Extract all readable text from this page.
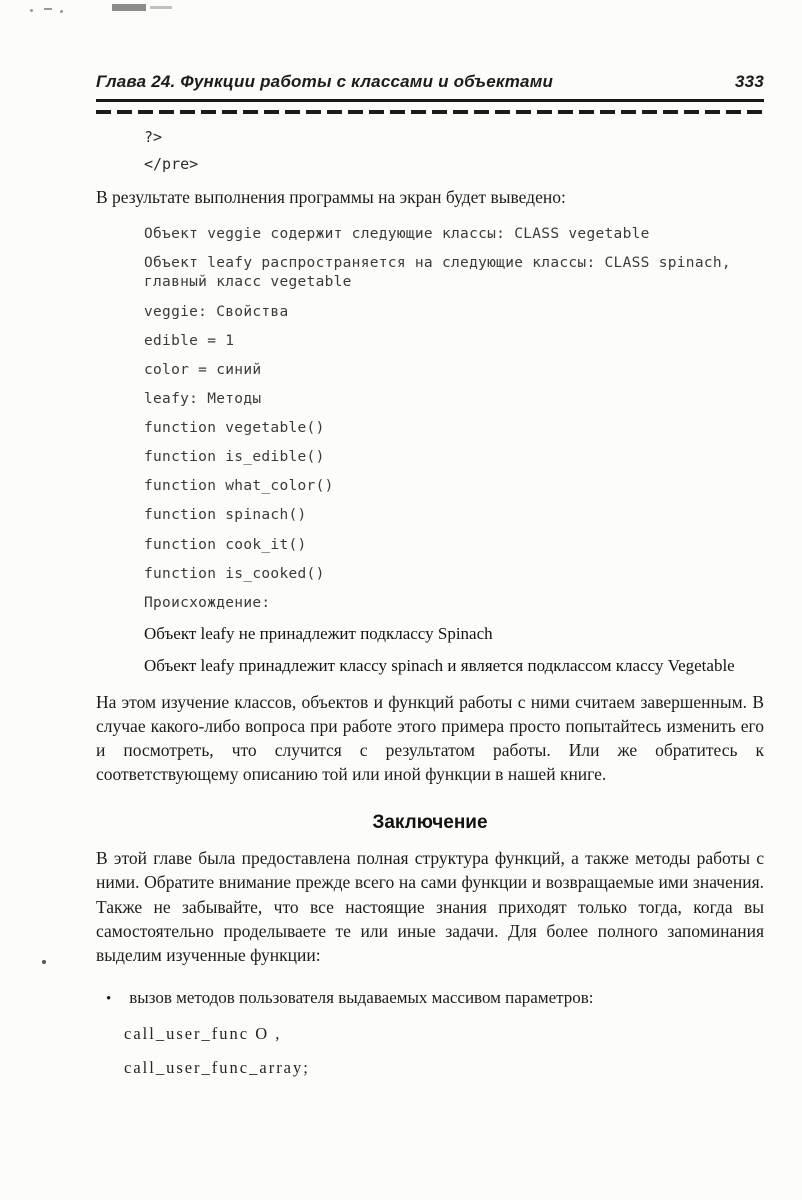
Глава 24. Функции работы с классами и объектами	333
?>
</pre>

В результате выполнения программы на экран будет выведено:

Объект veggie содержит следующие классы: CLASS vegetable
Объект leafy распространяется на следующие классы: CLASS spinach, главный класс vegetable
veggie: Свойства
edible = 1
color = синий
leafy: Методы
function vegetable()
function is_edible()
function what_color()
function spinach()
function cook_it()
function is_cooked()
Происхождение:
Объект leafy не принадлежит подклассу Spinach
Объект leafy принадлежит классу spinach и является подклассом классу Vegetable

На этом изучение классов, объектов и функций работы с ними считаем завершенным. В случае какого-либо вопроса при работе этого примера просто попытайтесь изменить его и посмотреть, что случится с результатом работы. Или же обратитесь к соответствующему описанию той или иной функции в нашей книге.

Заключение

В этой главе была предоставлена полная структура функций, а также методы работы с ними. Обратите внимание прежде всего на сами функции и возвращаемые ими значения. Также не забывайте, что все настоящие знания приходят только тогда, когда вы самостоятельно проделываете те или иные задачи. Для более полного запоминания выделим изученные функции:

• вызов методов пользователя выдаваемых массивом параметров:
call_user_func O ,
call_user_func_array;
